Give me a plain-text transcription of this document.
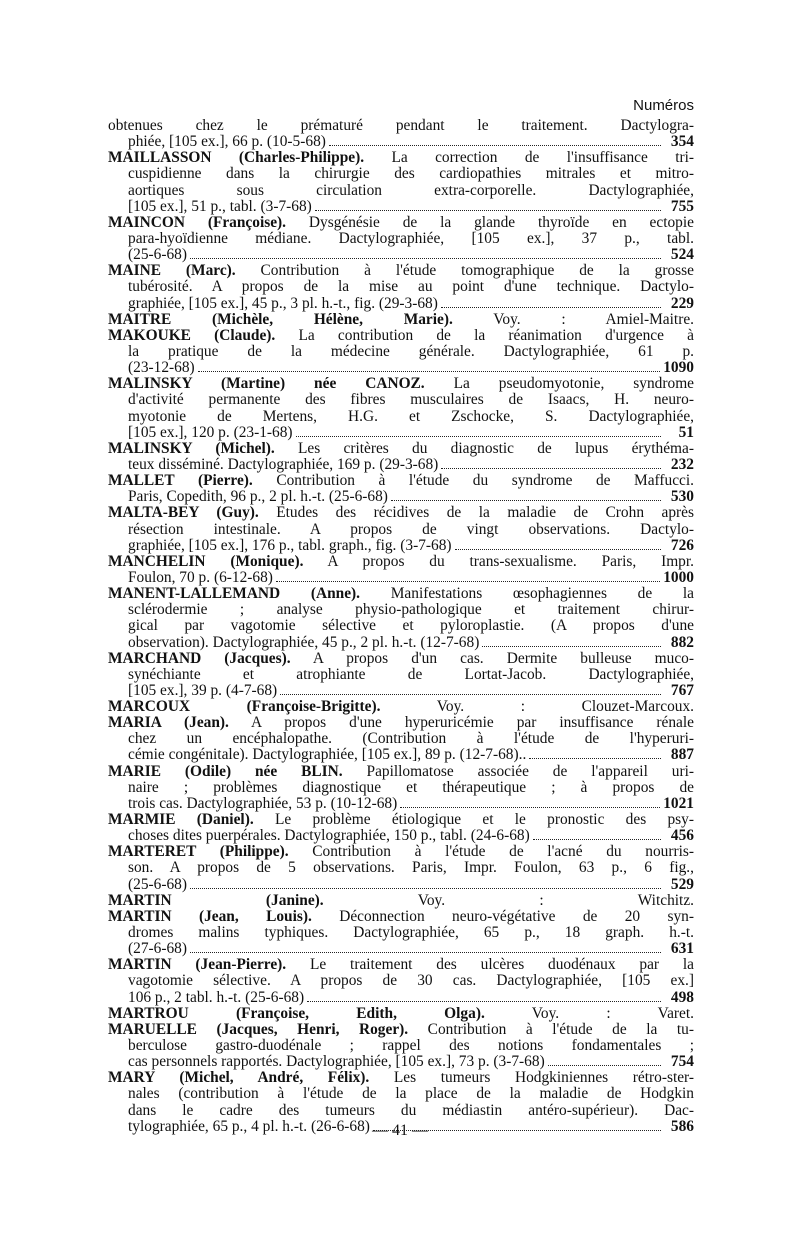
Numéros
obtenues chez le prématuré pendant le traitement. Dactylogra-
phiée, [105 ex.], 66 p. (10-5-68)	354
MAILLASSON (Charles-Philippe). La correction de l'insuffisance tri-
cuspidienne dans la chirurgie des cardiopathies mitrales et mitro-
aortiques sous circulation extra-corporelle. Dactylographiée,
[105 ex.], 51 p., tabl. (3-7-68)	755
MAINCON (Françoise). Dysgénésie de la glande thyroïde en ectopie
para-hyoïdienne médiane. Dactylographiée, [105 ex.], 37 p., tabl.
(25-6-68)	524
MAINE (Marc). Contribution à l'étude tomographique de la grosse
tubérosité. A propos de la mise au point d'une technique. Dactylo-
graphiée, [105 ex.], 45 p., 3 pl. h.-t., fig. (29-3-68)	229
MAITRE (Michèle, Hélène, Marie). Voy. : Amiel-Maitre.
MAKOUKE (Claude). La contribution de la réanimation d'urgence à
la pratique de la médecine générale. Dactylographiée, 61 p.
(23-12-68)	1090
MALINSKY (Martine) née CANOZ. La pseudomyotonie, syndrome
d'activité permanente des fibres musculaires de Isaacs, H. neuro-
myotonie de Mertens, H.G. et Zschocke, S. Dactylographiée,
[105 ex.], 120 p. (23-1-68)	51
MALINSKY (Michel). Les critères du diagnostic de lupus érythéma-
teux disséminé. Dactylographiée, 169 p. (29-3-68)	232
MALLET (Pierre). Contribution à l'étude du syndrome de Maffucci.
Paris, Copedith, 96 p., 2 pl. h.-t. (25-6-68)	530
MALTA-BEY (Guy). Etudes des récidives de la maladie de Crohn après
résection intestinale. A propos de vingt observations. Dactylo-
graphiée, [105 ex.], 176 p., tabl. graph., fig. (3-7-68)	726
MANCHELIN (Monique). A propos du trans-sexualisme. Paris, Impr.
Foulon, 70 p. (6-12-68)	1000
MANENT-LALLEMAND (Anne). Manifestations œsophagiennes de la
sclérodermie ; analyse physio-pathologique et traitement chirur-
gical par vagotomie sélective et pyloroplastie. (A propos d'une
observation). Dactylographiée, 45 p., 2 pl. h.-t. (12-7-68)	882
MARCHAND (Jacques). A propos d'un cas. Dermite bulleuse muco-
synéchiante et atrophiante de Lortat-Jacob. Dactylographiée,
[105 ex.], 39 p. (4-7-68)	767
MARCOUX (Françoise-Brigitte). Voy. : Clouzet-Marcoux.
MARIA (Jean). A propos d'une hyperuricémie par insuffisance rénale
chez un encéphalopathe. (Contribution à l'étude de l'hyperuri-
cémie congénitale). Dactylographiée, [105 ex.], 89 p. (12-7-68)..	887
MARIE (Odile) née BLIN. Papillomatose associée de l'appareil uri-
naire ; problèmes diagnostique et thérapeutique ; à propos de
trois cas. Dactylographiée, 53 p. (10-12-68)	1021
MARMIE (Daniel). Le problème étiologique et le pronostic des psy-
choses dites puerpérales. Dactylographiée, 150 p., tabl. (24-6-68)	456
MARTERET (Philippe). Contribution à l'étude de l'acné du nourris-
son. A propos de 5 observations. Paris, Impr. Foulon, 63 p., 6 fig.,
(25-6-68)	529
MARTIN (Janine). Voy. : Witchitz.
MARTIN (Jean, Louis). Déconnection neuro-végétative de 20 syn-
dromes malins typhiques. Dactylographiée, 65 p., 18 graph. h.-t.
(27-6-68)	631
MARTIN (Jean-Pierre). Le traitement des ulcères duodénaux par la
vagotomie sélective. A propos de 30 cas. Dactylographiée, [105 ex.]
106 p., 2 tabl. h.-t. (25-6-68)	498
MARTROU (Françoise, Edith, Olga). Voy. : Varet.
MARUELLE (Jacques, Henri, Roger). Contribution à l'étude de la tu-
berculose gastro-duodénale ; rappel des notions fondamentales ;
cas personnels rapportés. Dactylographiée, [105 ex.], 73 p. (3-7-68)	754
MARY (Michel, André, Félix). Les tumeurs Hodgkiniennes rétro-ster-
nales (contribution à l'étude de la place de la maladie de Hodgkin
dans le cadre des tumeurs du médiastin antéro-supérieur). Dac-
tylographiée, 65 p., 4 pl. h.-t. (26-6-68)	586
— 41 —
